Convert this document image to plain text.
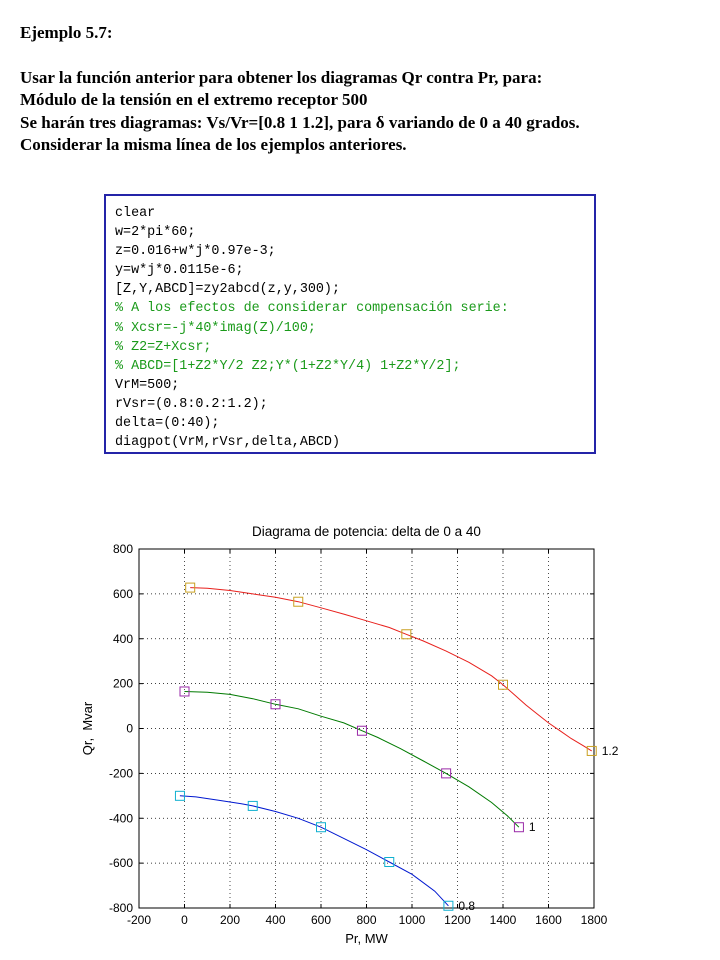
Ejemplo 5.7:
Usar la función anterior para obtener los diagramas Qr contra Pr, para:
Módulo de la tensión en el extremo receptor 500
Se harán tres diagramas: Vs/Vr=[0.8 1 1.2], para δ variando de 0 a 40 grados.
Considerar la misma línea de los ejemplos anteriores.
clear
w=2*pi*60;
z=0.016+w*j*0.97e-3;
y=w*j*0.0115e-6;
[Z,Y,ABCD]=zy2abcd(z,y,300);
% A los efectos de considerar compensación serie:
% Xcsr=-j*40*imag(Z)/100;
% Z2=Z+Xcsr;
% ABCD=[1+Z2*Y/2 Z2;Y*(1+Z2*Y/4) 1+Z2*Y/2];
VrM=500;
rVsr=(0.8:0.2:1.2);
delta=(0:40);
diagpot(VrM,rVsr,delta,ABCD)
-200	0	200 400 600 800 1000 1200 1400 1600 1800
-800
-600
-400
-200
0
200
400
600
800
1.2
1
0.8
Diagrama de potencia: delta de 0 a 40
Pr, MW
Qr,  Mvar
